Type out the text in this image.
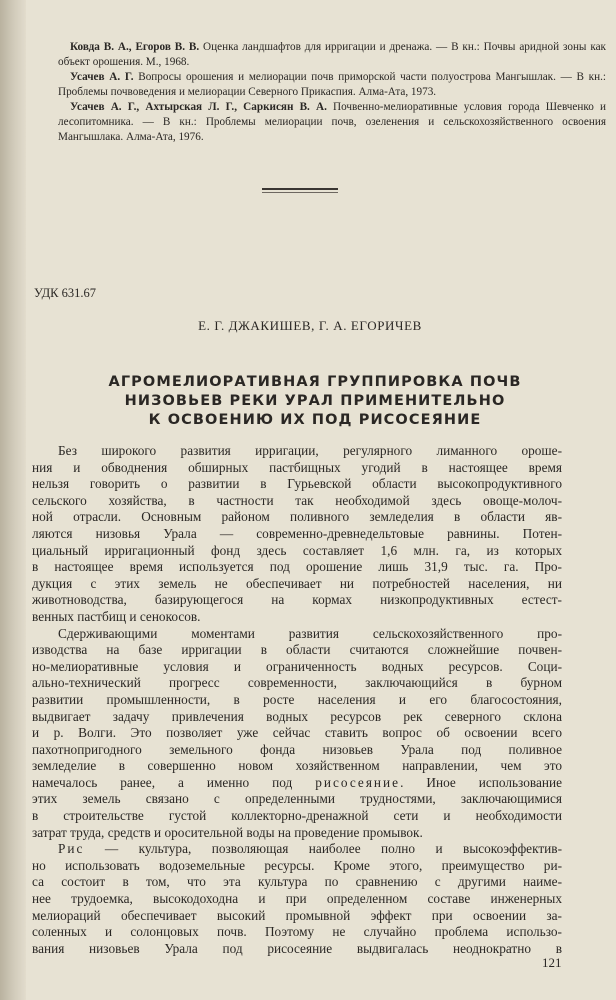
Ковда В. А., Егоров В. В. Оценка ландшафтов для ирригации и дренажа. — В кн.: Почвы аридной зоны как объект орошения. М., 1968.

Усачев А. Г. Вопросы орошения и мелиорации почв приморской части полуострова Мангышлак. — В кн.: Проблемы почвоведения и мелиорации Северного Прикаспия. Алма-Ата, 1973.

Усачев А. Г., Ахтырская Л. Г., Саркисян В. А. Почвенно-мелиоративные условия города Шевченко и лесопитомника. — В кн.: Проблемы мелиорации почв, озеленения и сельскохозяйственного освоения Мангышлака. Алма-Ата, 1976.

УДК 631.67
Е. Г. ДЖАКИШЕВ, Г. А. ЕГОРИЧЕВ
АГРОМЕЛИОРАТИВНАЯ ГРУППИРОВКА ПОЧВ
НИЗОВЬЕВ РЕКИ УРАЛ ПРИМЕНИТЕЛЬНО
К ОСВОЕНИЮ ИХ ПОД РИСОСЕЯНИЕ

Без широкого развития ирригации, регулярного лиманного ороше-
ния и обводнения обширных пастбищных угодий в настоящее время
нельзя говорить о развитии в Гурьевской области высокопродуктивного
сельского хозяйства, в частности так необходимой здесь овоще-молоч-
ной отрасли. Основным районом поливного земледелия в области яв-
ляются низовья Урала — современно-древнедельтовые равнины. Потен-
циальный ирригационный фонд здесь составляет 1,6 млн. га, из которых
в настоящее время используется под орошение лишь 31,9 тыс. га. Про-
дукция с этих земель не обеспечивает ни потребностей населения, ни
животноводства, базирующегося на кормах низкопродуктивных естест-
венных пастбищ и сенокосов.

Сдерживающими моментами развития сельскохозяйственного про-
изводства на базе ирригации в области считаются сложнейшие почвен-
но-мелиоративные условия и ограниченность водных ресурсов. Соци-
ально-технический прогресс современности, заключающийся в бурном
развитии промышленности, в росте населения и его благосостояния,
выдвигает задачу привлечения водных ресурсов рек северного склона
и р. Волги. Это позволяет уже сейчас ставить вопрос об освоении всего
пахотнопригодного земельного фонда низовьев Урала под поливное
земледелие в совершенно новом хозяйственном направлении, чем это
намечалось ранее, а именно под рисосеяние. Иное использование
этих земель связано с определенными трудностями, заключающимися
в строительстве густой коллекторно-дренажной сети и необходимости
затрат труда, средств и оросительной воды на проведение промывок.

Рис — культура, позволяющая наиболее полно и высокоэффектив-
но использовать водоземельные ресурсы. Кроме этого, преимущество ри-
са состоит в том, что эта культура по сравнению с другими наиме-
нее трудоемка, высокодоходна и при определенном составе инженерных
мелиораций обеспечивает высокий промывной эффект при освоении за-
соленных и солонцовых почв. Поэтому не случайно проблема использо-
вания низовьев Урала под рисосеяние выдвигалась неоднократно в

121
